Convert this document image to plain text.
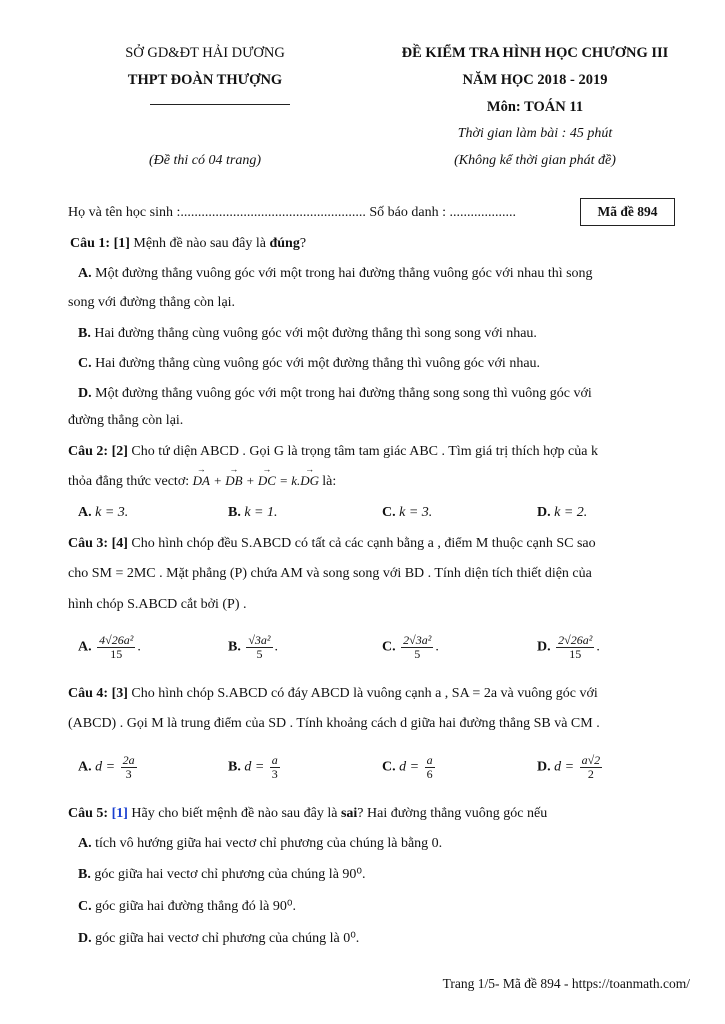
SỞ GD&ĐT HẢI DƯƠNG
THPT ĐOÀN THƯỢNG
(Đề thi có 04 trang)
ĐỀ KIỂM TRA HÌNH HỌC CHƯƠNG III
NĂM HỌC 2018 - 2019
Môn: TOÁN 11
Thời gian làm bài : 45 phút
(Không kể thời gian phát đề)
Họ và tên học sinh :..................................................... Số báo danh : ...................	Mã đề 894
Câu 1: [1] Mệnh đề nào sau đây là đúng?
A. Một đường thẳng vuông góc với một trong hai đường thẳng vuông góc với nhau thì song
song với đường thẳng còn lại.
B. Hai đường thẳng cùng vuông góc với một đường thẳng thì song song với nhau.
C. Hai đường thẳng cùng vuông góc với một đường thẳng thì vuông góc với nhau.
D. Một đường thẳng vuông góc với một trong hai đường thẳng song song thì vuông góc với
đường thẳng còn lại.
Câu 2: [2] Cho tứ diện ABCD . Gọi G là trọng tâm tam giác ABC . Tìm giá trị thích hợp của k
thỏa đẳng thức vectơ: → DA + → DB + → DC = k.→ DG là:
A. k = 3.	B. k = 1.	C. k = 3.	D. k = 2.
Câu 3: [4] Cho hình chóp đều S.ABCD có tất cả các cạnh bằng a , điểm M thuộc cạnh SC sao
cho SM = 2MC . Mặt phẳng (P) chứa AM và song song với BD . Tính diện tích thiết diện của
hình chóp S.ABCD cắt bởi (P) .
A. $\frac{\text{4√26a²}}{15}$ .	B. $\frac{\text{√3a²}}{5}$ .	C. $\frac{\text{2√3a²}}{5}$ .	D. $\frac{\text{2√26a²}}{15}$ .
Câu 4: [3] Cho hình chóp S.ABCD có đáy ABCD là vuông cạnh a , SA = 2a và vuông góc với
(ABCD) . Gọi M là trung điểm của SD . Tính khoảng cách d giữa hai đường thẳng SB và CM .
A. $d = \frac{2a}{3}$	B. $d = \frac{a}{3}$	C. $d = \frac{a}{6}$	D. $d = \frac{a√2}{2}$
Câu 5: [1] Hãy cho biết mệnh đề nào sau đây là sai? Hai đường thẳng vuông góc nếu
A. tích vô hướng giữa hai vectơ chỉ phương của chúng là bằng 0.
B. góc giữa hai vectơ chỉ phương của chúng là 90⁰.
C. góc giữa hai đường thẳng đó là 90⁰.
D. góc giữa hai vectơ chỉ phương của chúng là 0⁰.
Trang 1/5- Mã đề 894 - https://toanmath.com/
